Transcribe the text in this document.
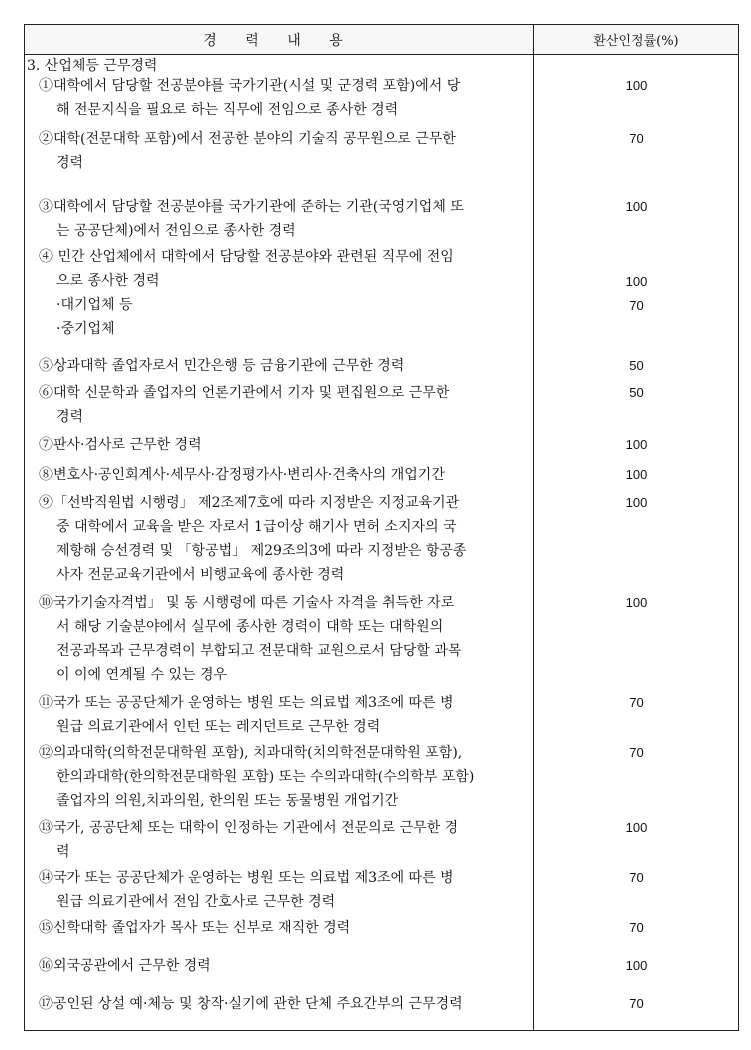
경 력 내 용	환산인정률(%)
3. 산업체등 근무경력
①대학에서 담당할 전공분야를 국가기관(시설 및 군경력 포함)에서 당
해 전문지식을 필요로 하는 직무에 전임으로 종사한 경력
100
②대학(전문대학 포함)에서 전공한 분야의 기술직 공무원으로 근무한
경력
70
③대학에서 담당할 전공분야를 국가기관에 준하는 기관(국영기업체 또
는 공공단체)에서 전임으로 종사한 경력
100
④ 민간 산업체에서 대학에서 담당할 전공분야와 관련된 직무에 전임
으로 종사한 경력
·대기업체 등
·중기업체
100
70
⑤상과대학 졸업자로서 민간은행 등 금융기관에 근무한 경력	50
⑥대학 신문학과 졸업자의 언론기관에서 기자 및 편집원으로 근무한
경력
50
⑦판사·검사로 근무한 경력	100
⑧변호사·공인회계사·세무사·감정평가사·변리사·건축사의 개업기간	100
⑨「선박직원법 시행령」 제2조제7호에 따라 지정받은 지정교육기관
중 대학에서 교육을 받은 자로서 1급이상 해기사 면허 소지자의 국
제항해 승선경력 및 「항공법」 제29조의3에 따라 지정받은 항공종
사자 전문교육기관에서 비행교육에 종사한 경력
100
⑩국가기술자격법」 및 동 시행령에 따른 기술사 자격을 취득한 자로
서 해당 기술분야에서 실무에 종사한 경력이 대학 또는 대학원의
전공과목과 근무경력이 부합되고 전문대학 교원으로서 담당할 과목
이 이에 연계될 수 있는 경우
100
⑪국가 또는 공공단체가 운영하는 병원 또는 의료법 제3조에 따른 병
원급 의료기관에서 인턴 또는 레지던트로 근무한 경력
70
⑫의과대학(의학전문대학원 포함), 치과대학(치의학전문대학원 포함),
한의과대학(한의학전문대학원 포함) 또는 수의과대학(수의학부 포함)
졸업자의 의원,치과의원, 한의원 또는 동물병원 개업기간
70
⑬국가, 공공단체 또는 대학이 인정하는 기관에서 전문의로 근무한 경
력
100
⑭국가 또는 공공단체가 운영하는 병원 또는 의료법 제3조에 따른 병
원급 의료기관에서 전임 간호사로 근무한 경력
70
⑮신학대학 졸업자가 목사 또는 신부로 재직한 경력	70
⑯외국공관에서 근무한 경력	100
⑰공인된 상설 예·체능 및 창작·실기에 관한 단체 주요간부의 근무경력	70
